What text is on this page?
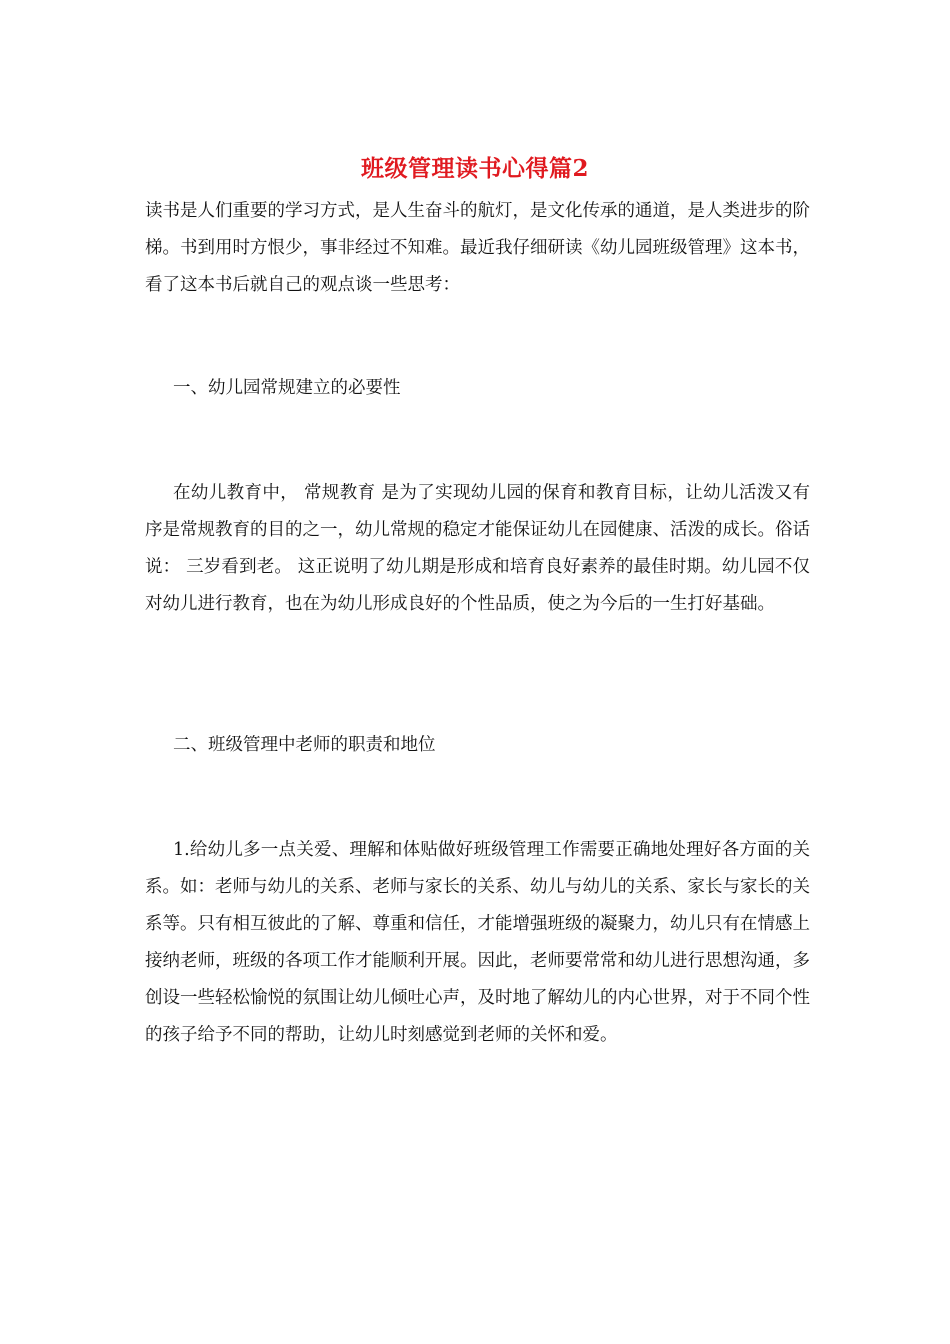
班级管理读书心得篇2

读书是人们重要的学习方式，是人生奋斗的航灯，是文化传承的通道，是人类进步的阶梯。书到用时方恨少，事非经过不知难。最近我仔细研读《幼儿园班级管理》这本书，看了这本书后就自己的观点谈一些思考：

一、幼儿园常规建立的必要性

在幼儿教育中， 常规教育 是为了实现幼儿园的保育和教育目标，让幼儿活泼又有序是常规教育的目的之一，幼儿常规的稳定才能保证幼儿在园健康、活泼的成长。俗话说： 三岁看到老。 这正说明了幼儿期是形成和培育良好素养的最佳时期。幼儿园不仅对幼儿进行教育，也在为幼儿形成良好的个性品质，使之为今后的一生打好基础。

二、班级管理中老师的职责和地位

1.给幼儿多一点关爱、理解和体贴做好班级管理工作需要正确地处理好各方面的关系。如：老师与幼儿的关系、老师与家长的关系、幼儿与幼儿的关系、家长与家长的关系等。只有相互彼此的了解、尊重和信任，才能增强班级的凝聚力，幼儿只有在情感上接纳老师，班级的各项工作才能顺利开展。因此，老师要常常和幼儿进行思想沟通，多创设一些轻松愉悦的氛围让幼儿倾吐心声，及时地了解幼儿的内心世界，对于不同个性的孩子给予不同的帮助，让幼儿时刻感觉到老师的关怀和爱。
